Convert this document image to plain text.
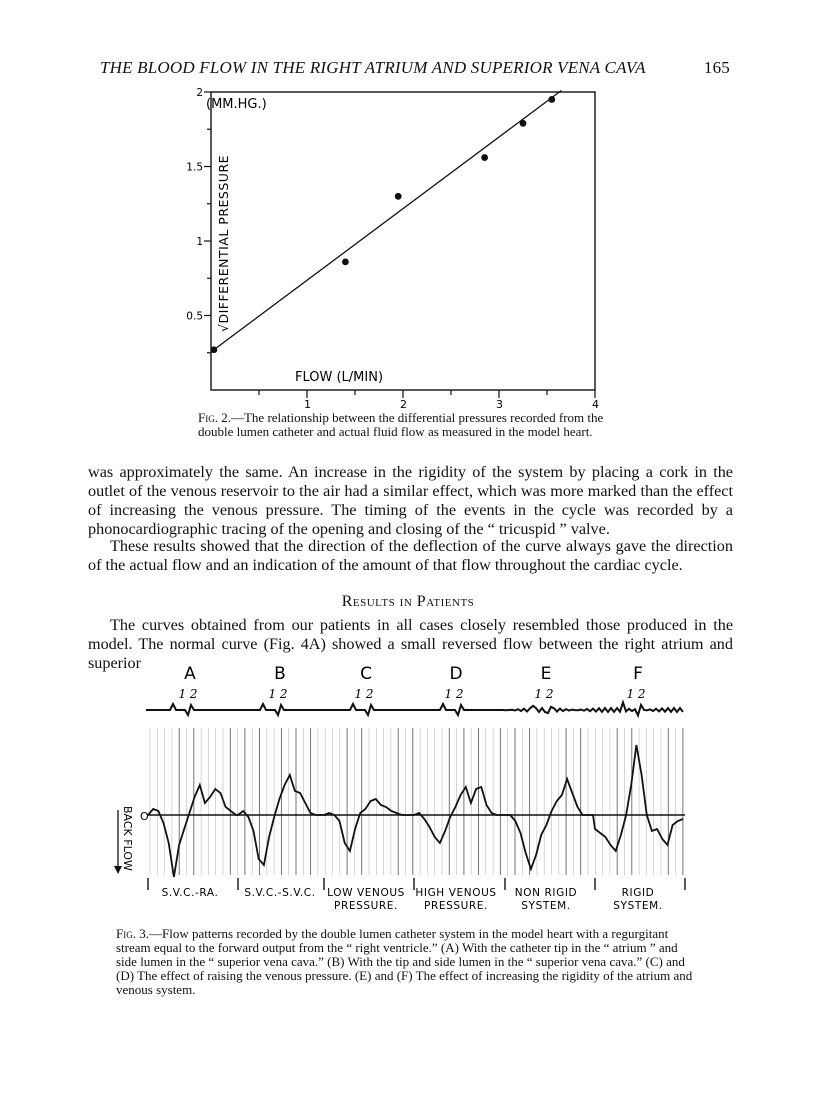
THE BLOOD FLOW IN THE RIGHT ATRIUM AND SUPERIOR VENA CAVA	165
1	2	3	4
0.5
1
1.5
2
(MM.HG.)
√DIFFERENTIAL PRESSURE
FLOW (L/MIN)
Fig. 2.—The relationship between the differential pressures recorded from the double lumen catheter and actual fluid flow as measured in the model heart.
was approximately the same. An increase in the rigidity of the system by placing a cork in the outlet of the venous reservoir to the air had a similar effect, which was more marked than the effect of increasing the venous pressure. The timing of the events in the cycle was recorded by a phonocardiographic tracing of the opening and closing of the “ tricuspid ” valve.
These results showed that the direction of the deflection of the curve always gave the direction of the actual flow and an indication of the amount of that flow throughout the cardiac cycle.
Results in Patients
The curves obtained from our patients in all cases closely resembled those produced in the model. The normal curve (Fig. 4A) showed a small reversed flow between the right atrium and superior
O
BACK FLOW
A
1 2
S.V.C.-RA.
B
1 2
S.V.C.-S.V.C.
C
1 2
LOW VENOUS
PRESSURE.
D
1 2
HIGH VENOUS
PRESSURE.
E
1 2
NON RIGID
SYSTEM.
F
1 2
RIGID
SYSTEM.
Fig. 3.—Flow patterns recorded by the double lumen catheter system in the model heart with a regurgitant stream equal to the forward output from the “ right ventricle.” (A) With the catheter tip in the “ atrium ” and side lumen in the “ superior vena cava.” (B) With the tip and side lumen in the “ superior vena cava.” (C) and (D) The effect of raising the venous pressure. (E) and (F) The effect of increasing the rigidity of the atrium and venous system.
